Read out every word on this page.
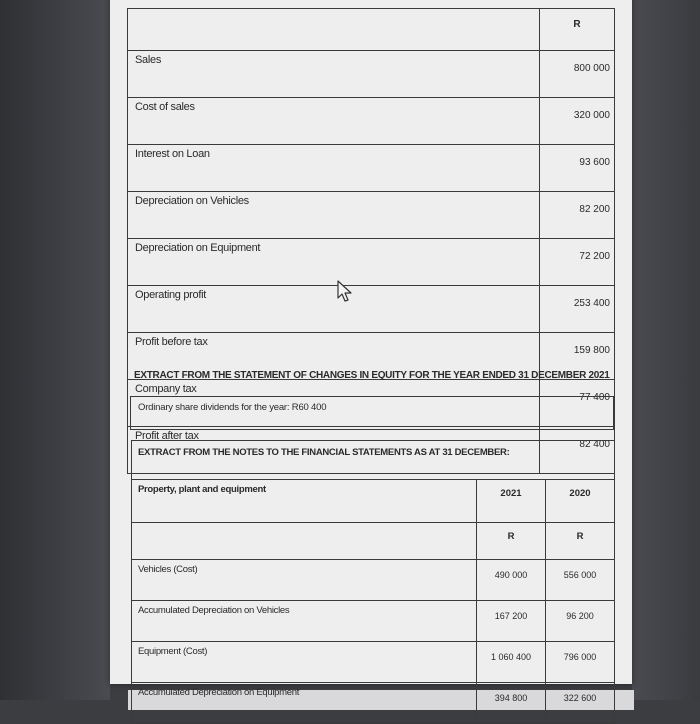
	R
Sales	800 000
Cost of sales	320 000
Interest on Loan	93 600
Depreciation on Vehicles	82 200
Depreciation on Equipment	72 200
Operating profit	253 400
Profit before tax	159 800
Company tax	77 400
Profit after tax	82 400
EXTRACT FROM THE STATEMENT OF CHANGES IN EQUITY FOR THE YEAR ENDED 31 DECEMBER 2021
Ordinary share dividends for the year: R60 400
EXTRACT FROM THE NOTES TO THE FINANCIAL STATEMENTS AS AT 31 DECEMBER:		
Property, plant and equipment	2021	2020
	R	R
Vehicles (Cost)	490 000	556 000
Accumulated Depreciation on Vehicles	167 200	96 200
Equipment (Cost)	1 060 400	796 000
Accumulated Depreciation on Equipment	394 800	322 600
